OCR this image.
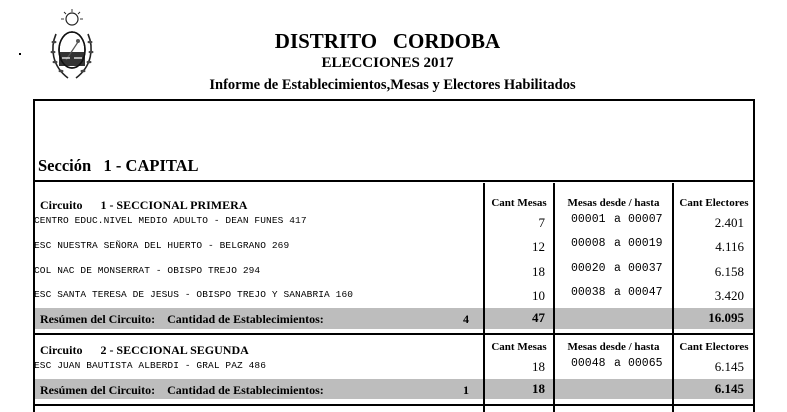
DISTRITO   CORDOBA
ELECCIONES 2017
Informe de Establecimientos,Mesas y Electores Habilitados
Sección   1 - CAPITAL
Circuito      1 - SECCIONAL PRIMERA	Cant Mesas	Mesas desde / hasta	Cant Electores
CENTRO EDUC.NIVEL MEDIO ADULTO - DEAN FUNES 417	7 00001 a 00007	2.401
ESC NUESTRA SEÑORA DEL HUERTO - BELGRANO 269	12 00008 a 00019	4.116
COL NAC DE MONSERRAT - OBISPO TREJO 294	18 00020 a 00037	6.158
ESC SANTA TERESA DE JESUS - OBISPO TREJO Y SANABRIA 160	10 00038 a 00047	3.420
Resúmen del Circuito:    Cantidad de Establecimientos:	4	47	16.095
Circuito      2 - SECCIONAL SEGUNDA	Cant Mesas	Mesas desde / hasta	Cant Electores
ESC JUAN BAUTISTA ALBERDI - GRAL PAZ 486	18 00048 a 00065	6.145
Resúmen del Circuito:    Cantidad de Establecimientos:	1	18	6.145
